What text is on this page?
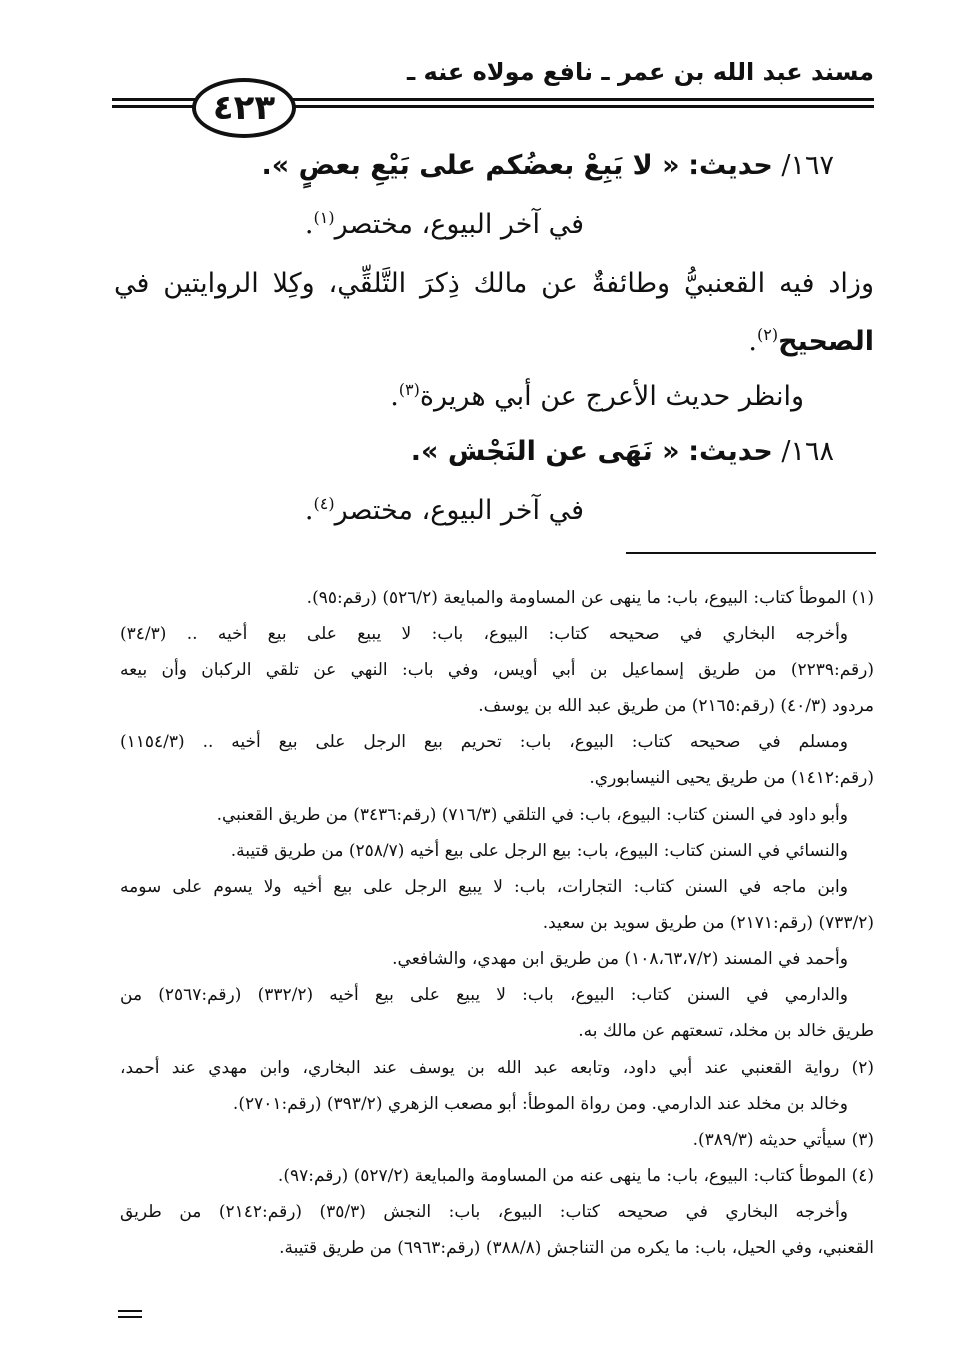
مسند عبد الله بن عمر ـ نافع مولاه عنه ـ
٤٢٣
١٦٧/ حديث: « لا يَبِعْ بعضُكم على بَيْعِ بعضٍ ».
في آخر البيوع، مختصر$^{(١)}$.
وزاد فيه القعنبيُّ وطائفةٌ عن مالك ذِكرَ التَّلقِّي، وكِلا الروايتين في
الصحيح$^{(٢)}$.
وانظر حديث الأعرج عن أبي هريرة$^{(٣)}$.
١٦٨/ حديث: « نَهَى عن النَجْش ».
في آخر البيوع، مختصر$^{(٤)}$.
(١) الموطأ كتاب: البيوع، باب: ما ينهى عن المساومة والمبايعة (٥٢٦/٢) (رقم:٩٥).
وأخرجه البخاري في صحيحه كتاب: البيوع، باب: لا يبيع على بيع أخيه .. (٣٤/٣)
(رقم:٢٢٣٩) من طريق إسماعيل بن أبي أويس، وفي باب: النهي عن تلقي الركبان وأن بيعه
مردود (٤٠/٣) (رقم:٢١٦٥) من طريق عبد الله بن يوسف.
ومسلم في صحيحه كتاب: البيوع، باب: تحريم بيع الرجل على بيع أخيه .. (١١٥٤/٣)
(رقم:١٤١٢) من طريق يحيى النيسابوري.
وأبو داود في السنن كتاب: البيوع، باب: في التلقي (٧١٦/٣) (رقم:٣٤٣٦) من طريق القعنبي.
والنسائي في السنن كتاب: البيوع، باب: بيع الرجل على بيع أخيه (٢٥٨/٧) من طريق قتيبة.
وابن ماجه في السنن كتاب: التجارات، باب: لا يبيع الرجل على بيع أخيه ولا يسوم على سومه
(٧٣٣/٢) (رقم:٢١٧١) من طريق سويد بن سعيد.
وأحمد في المسند (١٠٨،٦٣،٧/٢) من طريق ابن مهدي، والشافعي.
والدارمي في السنن كتاب: البيوع، باب: لا يبيع على بيع أخيه (٣٣٢/٢) (رقم:٢٥٦٧) من
طريق خالد بن مخلد، تسعتهم عن مالك به.
(٢) رواية القعنبي عند أبي داود، وتابعه عبد الله بن يوسف عند البخاري، وابن مهدي عند أحمد،
وخالد بن مخلد عند الدارمي. ومن رواة الموطأ: أبو مصعب الزهري (٣٩٣/٢) (رقم:٢٧٠١).
(٣) سيأتي حديثه (٣٨٩/٣).
(٤) الموطأ كتاب: البيوع، باب: ما ينهى عنه من المساومة والمبايعة (٥٢٧/٢) (رقم:٩٧).
وأخرجه البخاري في صحيحه كتاب: البيوع، باب: النجش (٣٥/٣) (رقم:٢١٤٢) من طريق
القعنبي، وفي الحيل، باب: ما يكره من التناجش (٣٨٨/٨) (رقم:٦٩٦٣) من طريق قتيبة.
